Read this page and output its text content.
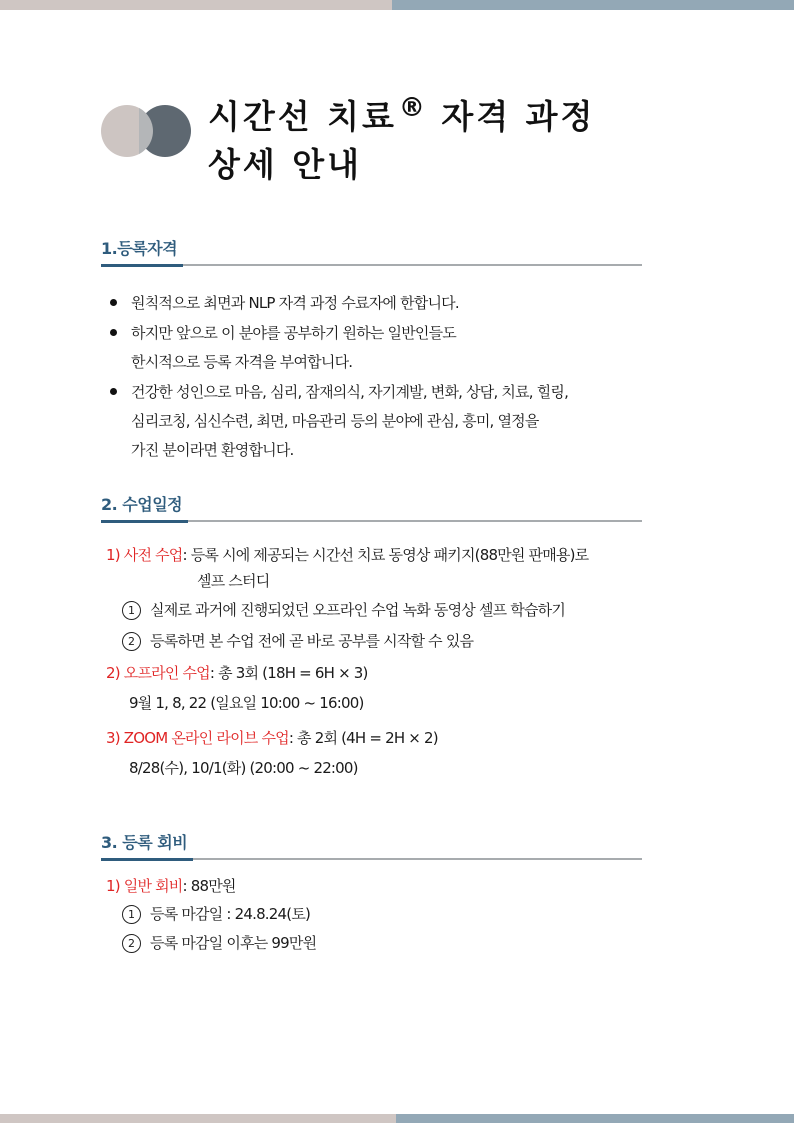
시간선 치료® 자격 과정
상세 안내
1.등록자격
원칙적으로 최면과 NLP 자격 과정 수료자에 한합니다.
하지만 앞으로 이 분야를 공부하기 원하는 일반인들도
한시적으로 등록 자격을 부여합니다.
건강한 성인으로 마음, 심리, 잠재의식, 자기계발, 변화, 상담, 치료, 힐링,
심리코칭, 심신수련, 최면, 마음관리 등의 분야에 관심, 흥미, 열정을
가진 분이라면 환영합니다.
2. 수업일정
1) 사전 수업: 등록 시에 제공되는 시간선 치료 동영상 패키지(88만원 판매용)로
셀프 스터디
1 실제로 과거에 진행되었던 오프라인 수업 녹화 동영상 셀프 학습하기
2 등록하면 본 수업 전에 곧 바로 공부를 시작할 수 있음
2) 오프라인 수업: 총 3회 (18H = 6H × 3)
9월 1, 8, 22 (일요일 10:00 ~ 16:00)
3) ZOOM 온라인 라이브 수업: 총 2회 (4H = 2H × 2)
8/28(수), 10/1(화) (20:00 ~ 22:00)
3. 등록 회비
1) 일반 회비: 88만원
1 등록 마감일 : 24.8.24(토)
2 등록 마감일 이후는 99만원
